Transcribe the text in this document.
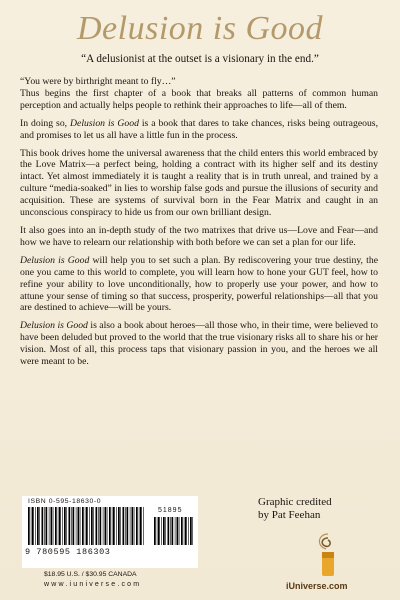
Delusion is Good
“A delusionist at the outset is a visionary in the end.”

“You were by birthright meant to fly…”

Thus begins the first chapter of a book that breaks all patterns of common human perception and actually helps people to rethink their approaches to life—all of them.

In doing so, Delusion is Good is a book that dares to take chances, risks being outrageous, and promises to let us all have a little fun in the process.

This book drives home the universal awareness that the child enters this world embraced by the Love Matrix—a perfect being, holding a contract with its higher self and its destiny intact. Yet almost immediately it is taught a reality that is in truth unreal, and trained by a culture “media-soaked” in lies to worship false gods and pursue the illusions of security and acquisition. These are systems of survival born in the Fear Matrix and caught in an unconscious conspiracy to hide us from our own brilliant design.

It also goes into an in-depth study of the two matrixes that drive us—Love and Fear—and how we have to relearn our relationship with both before we can set a plan for our life.

Delusion is Good will help you to set such a plan. By rediscovering your true destiny, the one you came to this world to complete, you will learn how to hone your GUT feel, how to refine your ability to love unconditionally, how to properly use your power, and how to attune your sense of timing so that success, prosperity, powerful relationships—all that you are destined to achieve—will be yours.

Delusion is Good is also a book about heroes—all those who, in their time, were believed to have been deluded but proved to the world that the true visionary risks all to share his or her vision. Most of all, this process taps that visionary passion in you, and the heroes we all were meant to be.

ISBN 0-595-18630-0
51895
9 780595 186303
$18.95 U.S. / $30.95 CANADA
www.iuniverse.com
Graphic credited
by Pat Feehan
iUniverse.com
